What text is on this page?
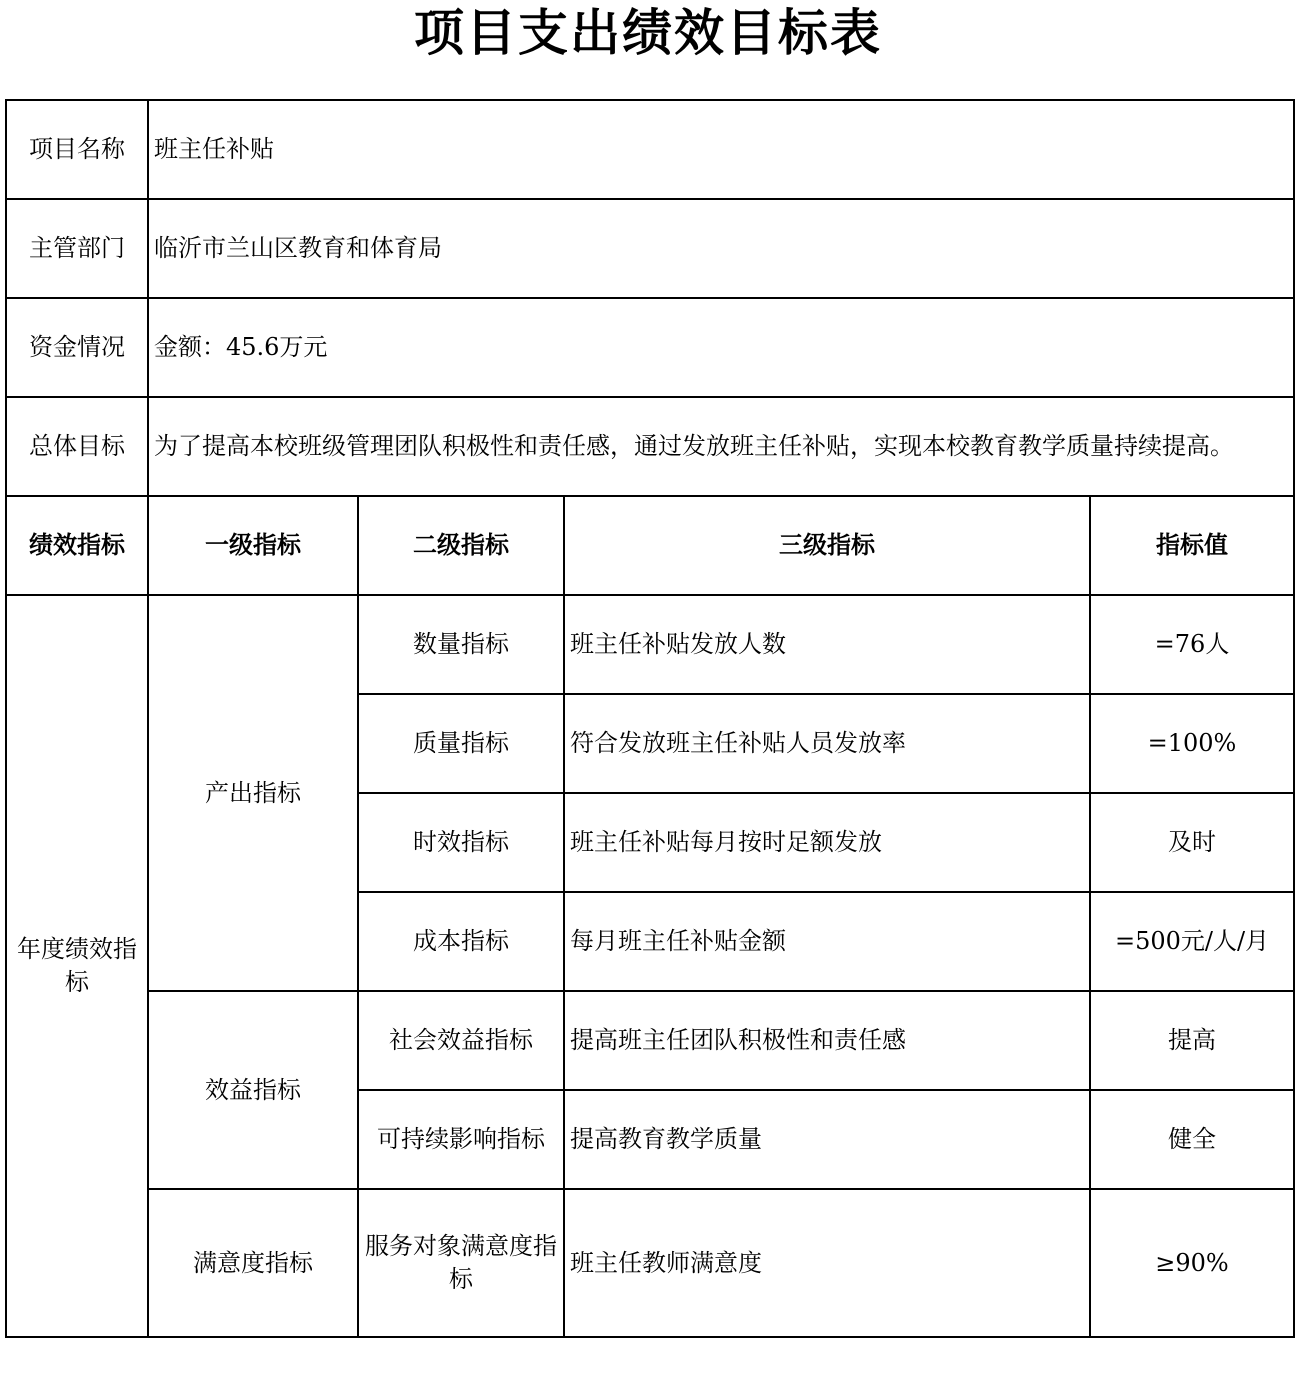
项目支出绩效目标表
项目名称	班主任补贴			
主管部门	临沂市兰山区教育和体育局			
资金情况	金额：45.6万元			
总体目标	为了提高本校班级管理团队积极性和责任感，通过发放班主任补贴，实现本校教育教学质量持续提高。			
绩效指标	一级指标	二级指标	三级指标	指标值
年度绩效指标	产出指标	数量指标	班主任补贴发放人数	=76人
		质量指标	符合发放班主任补贴人员发放率	=100%
		时效指标	班主任补贴每月按时足额发放	及时
		成本指标	每月班主任补贴金额	=500元/人/月
	效益指标	社会效益指标	提高班主任团队积极性和责任感	提高
		可持续影响指标	提高教育教学质量	健全
	满意度指标	服务对象满意度指标	班主任教师满意度	≥90%
